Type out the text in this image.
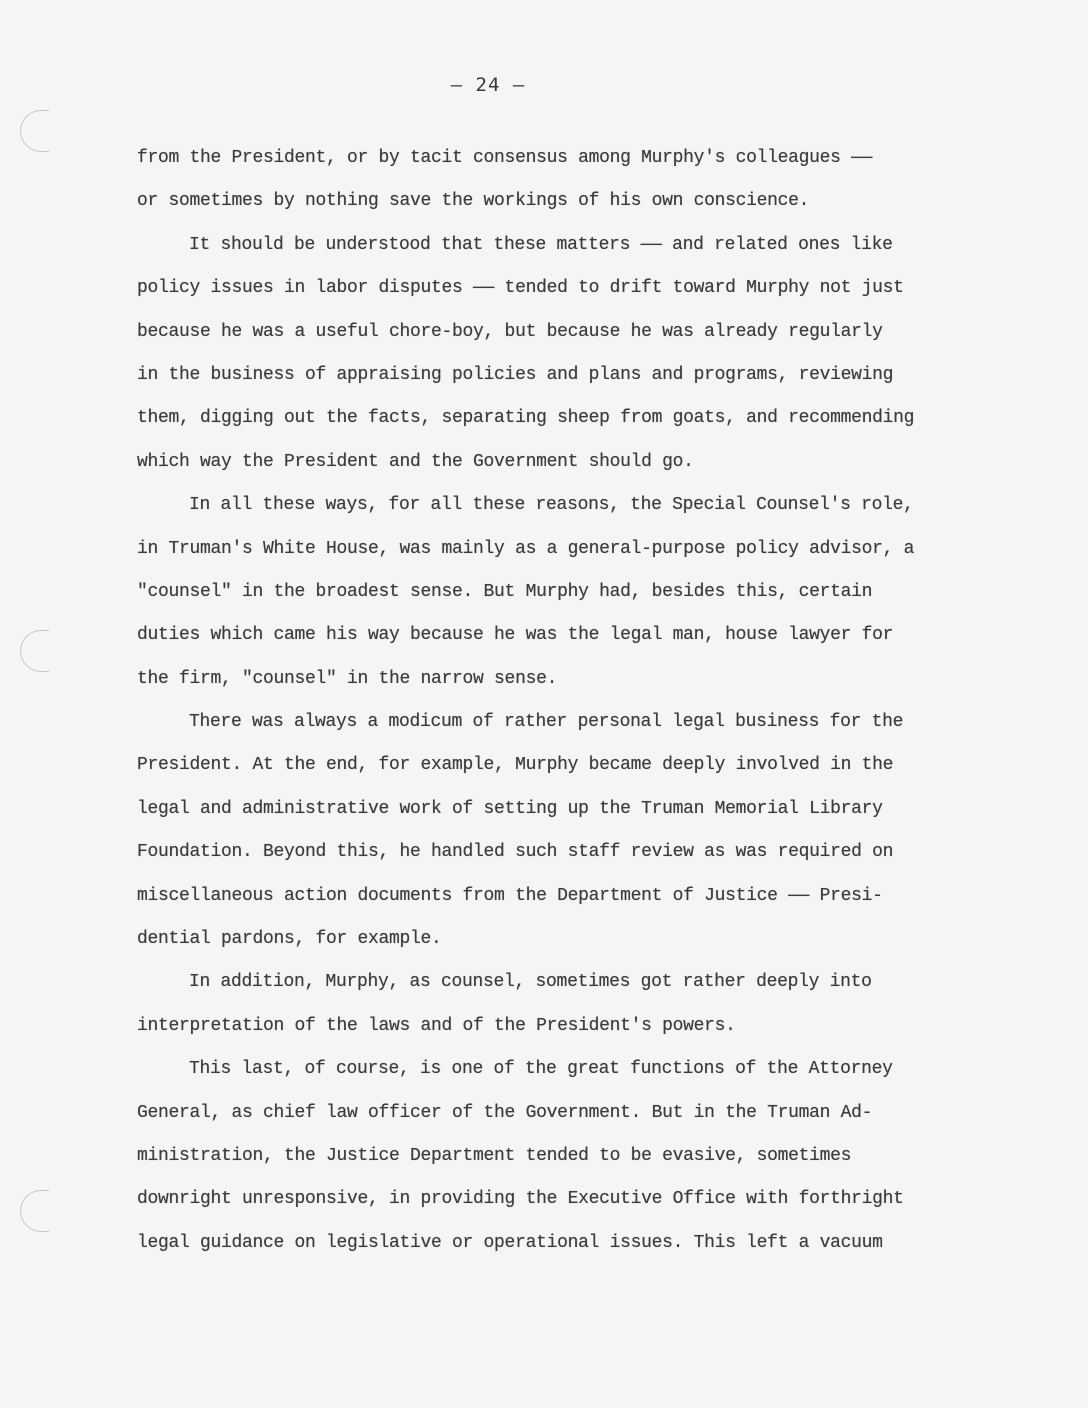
— 24 —
from the President, or by tacit consensus among Murphy's colleagues ——
or sometimes by nothing save the workings of his own conscience.
It should be understood that these matters —— and related ones like
policy issues in labor disputes —— tended to drift toward Murphy not just
because he was a useful chore-boy, but because he was already regularly
in the business of appraising policies and plans and programs, reviewing
them, digging out the facts, separating sheep from goats, and recommending
which way the President and the Government should go.
In all these ways, for all these reasons, the Special Counsel's role,
in Truman's White House, was mainly as a general-purpose policy advisor, a
"counsel" in the broadest sense. But Murphy had, besides this, certain
duties which came his way because he was the legal man, house lawyer for
the firm, "counsel" in the narrow sense.
There was always a modicum of rather personal legal business for the
President. At the end, for example, Murphy became deeply involved in the
legal and administrative work of setting up the Truman Memorial Library
Foundation. Beyond this, he handled such staff review as was required on
miscellaneous action documents from the Department of Justice —— Presi-
dential pardons, for example.
In addition, Murphy, as counsel, sometimes got rather deeply into
interpretation of the laws and of the President's powers.
This last, of course, is one of the great functions of the Attorney
General, as chief law officer of the Government. But in the Truman Ad-
ministration, the Justice Department tended to be evasive, sometimes
downright unresponsive, in providing the Executive Office with forthright
legal guidance on legislative or operational issues. This left a vacuum
